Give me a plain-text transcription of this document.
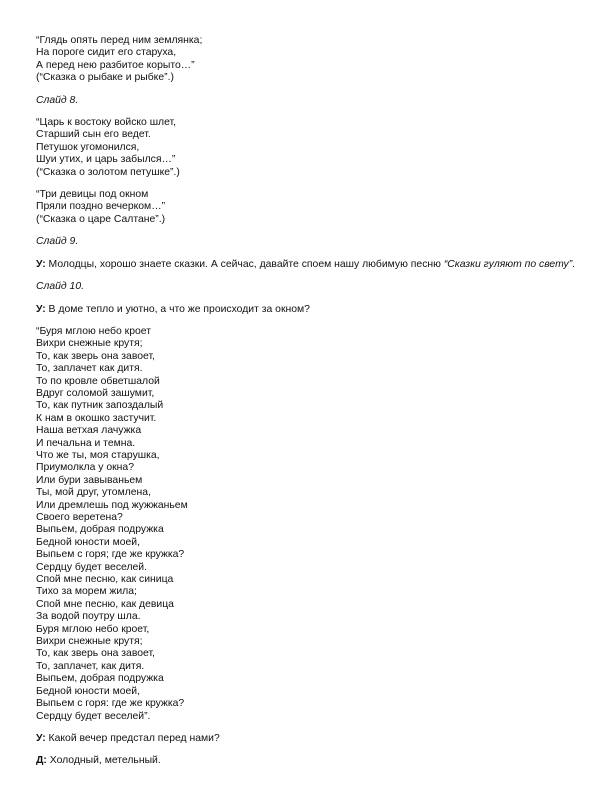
“Глядь опять перед ним землянка;
На пороге сидит его старуха,
А перед нею разбитое корыто…”
(“Сказка о рыбаке и рыбке”.)
Слайд 8.
“Царь к востоку войско шлет,
Старший сын его ведет.
Петушок угомонился,
Шуи утих, и царь забылся…”
(“Сказка о золотом петушке”.)
“Три девицы под окном
Пряли поздно вечерком…”
(“Сказка о царе Салтане”.)
Слайд 9.
У: Молодцы, хорошо знаете сказки. А сейчас, давайте споем нашу любимую песню “Сказки гуляют по свету”.
Слайд 10.
У: В доме тепло и уютно, а что же происходит за окном?
“Буря мглою небо кроет
Вихри снежные крутя;
То, как зверь она завоет,
То, заплачет как дитя.
То по кровле обветшалой
Вдруг соломой зашумит,
То, как путник запоздалый
К нам в окошко застучит.
Наша ветхая лачужка
И печальна и темна.
Что же ты, моя старушка,
Приумолкла у окна?
Или бури завываньем
Ты, мой друг, утомлена,
Или дремлешь под жужжаньем
Своего веретена?
Выпьем, добрая подружка
Бедной юности моей,
Выпьем с горя; где же кружка?
Сердцу будет веселей.
Спой мне песню, как синица
Тихо за морем жила;
Спой мне песню, как девица
За водой поутру шла.
Буря мглою небо кроет,
Вихри снежные крутя;
То, как зверь она завоет,
То, заплачет, как дитя.
Выпьем, добрая подружка
Бедной юности моей,
Выпьем с горя: где же кружка?
Сердцу будет веселей”.
У: Какой вечер предстал перед нами?
Д: Холодный, метельный.
